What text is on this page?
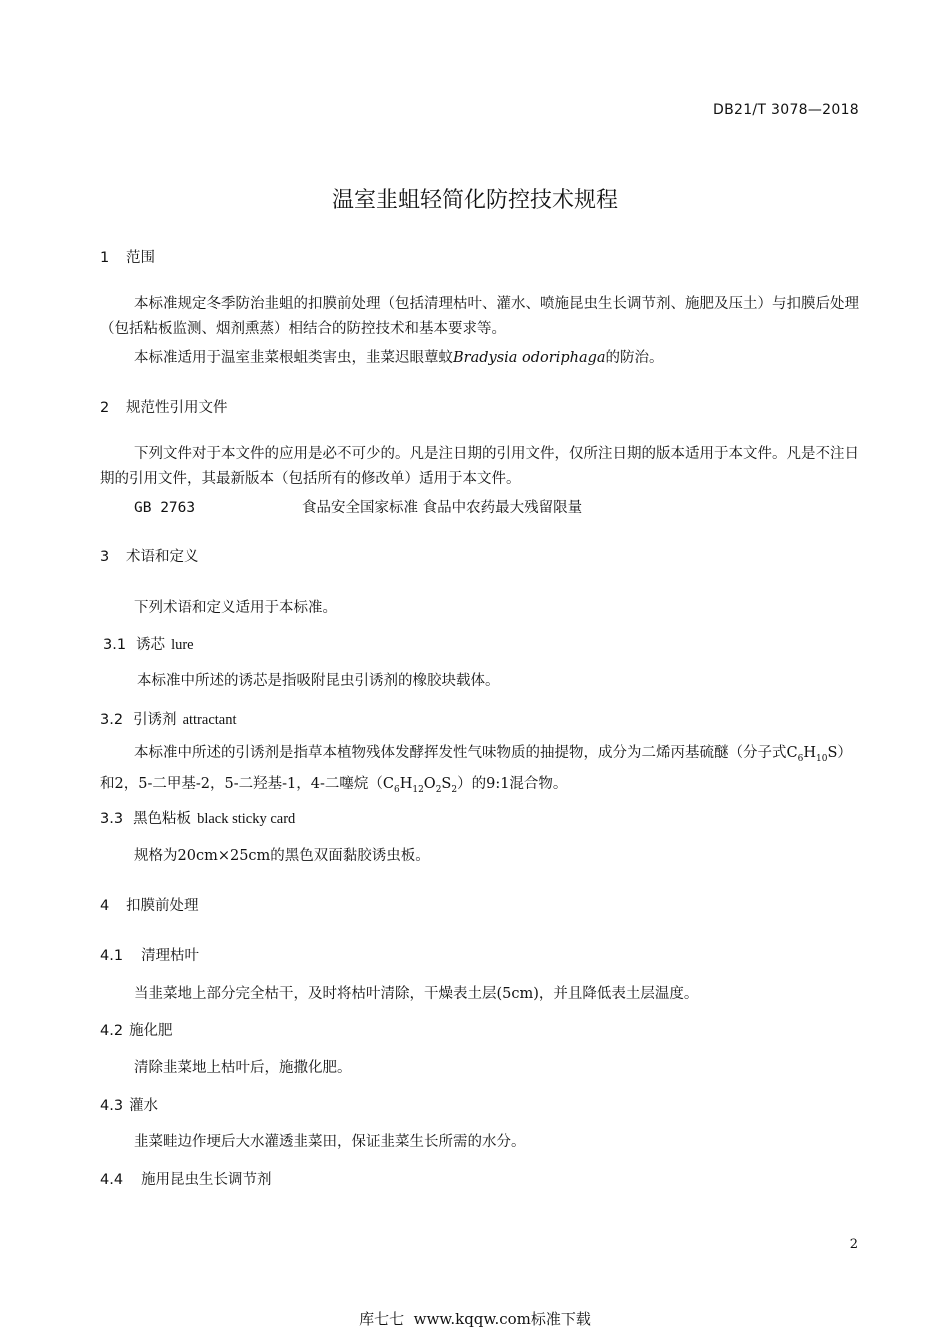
DB21/T 3078—2018
温室韭蛆轻简化防控技术规程
1 范围
本标准规定冬季防治韭蛆的扣膜前处理（包括清理枯叶、灌水、喷施昆虫生长调节剂、施肥及压土）与扣膜后处理（包括粘板监测、烟剂熏蒸）相结合的防控技术和基本要求等。
本标准适用于温室韭菜根蛆类害虫，韭菜迟眼蕈蚊Bradysia odoriphaga的防治。
2 规范性引用文件
下列文件对于本文件的应用是必不可少的。凡是注日期的引用文件，仅所注日期的版本适用于本文件。凡是不注日期的引用文件，其最新版本（包括所有的修改单）适用于本文件。
GB 2763	食品安全国家标准 食品中农药最大残留限量
3 术语和定义
下列术语和定义适用于本标准。
3.1 诱芯 lure
本标准中所述的诱芯是指吸附昆虫引诱剂的橡胶块载体。
3.2 引诱剂 attractant
本标准中所述的引诱剂是指草本植物残体发酵挥发性气味物质的抽提物，成分为二烯丙基硫醚（分子式$C_6H_{10}S$）和2，5-二甲基-2，5-二羟基-1，4-二噻烷$(C_6H_{12}O_2S_2)$的9:1混合物。
3.3 黑色粘板 black sticky card
规格为20cm×25cm的黑色双面黏胶诱虫板。
4 扣膜前处理
4.1 清理枯叶
当韭菜地上部分完全枯干，及时将枯叶清除，干燥表土层(5cm)，并且降低表土层温度。
4.2 施化肥
清除韭菜地上枯叶后，施撒化肥。
4.3 灌水
韭菜畦边作埂后大水灌透韭菜田，保证韭菜生长所需的水分。
4.4 施用昆虫生长调节剂
2
库七七  www.kqqw.com标准下载
